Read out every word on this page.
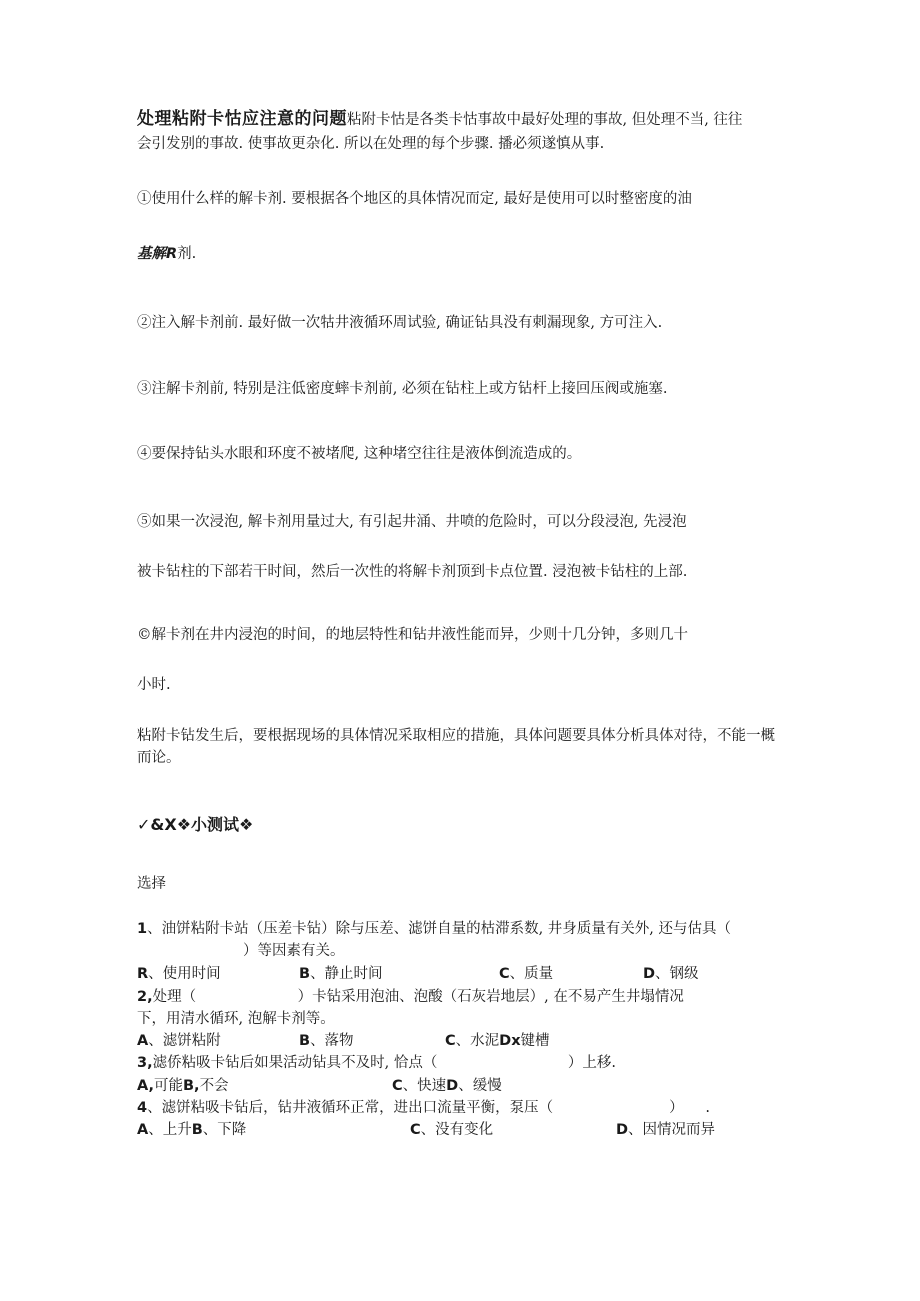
处理粘附卡怙应注意的问题粘附卡怙是各类卡怙事故中最好处理的事故, 但处理不当, 往往
会引发别的事故. 使事故更杂化. 所以在处理的每个步骤. 播必须遂慎从事.
①使用什么样的解卡剂. 要根据各个地区的具体情况而定, 最好是使用可以时整密度的油
基解R剂.
②注入解卡剂前. 最好做一次牯井液循环周试验, 确证钻具没有刺漏现象, 方可注入.
③注解卡剂前, 特别是注低密度蟀卡剂前, 必须在钻柱上或方钻杆上接回压阀或施塞.
④要保持钻头水眼和环度不被堵爬, 这种堵空往往是液体倒流造成的。
⑤如果一次浸泡, 解卡剂用量过大, 有引起井涌、井喷的危险时，可以分段浸泡, 先浸泡
被卡钻柱的下部若干时间，然后一次性的将解卡剂顶到卡点位置. 浸泡被卡钻柱的上部.
©解卡剂在井内浸泡的时间，的地层特性和钻井液性能而异，少则十几分钟，多则几十
小时.
粘附卡钻发生后，要根据现场的具体情况采取相应的措施，具体问题要具体分析具体对待，不能一概而论。
✓&X❖小测试❖
选择
1、油饼粘附卡站（压差卡钻）除与压差、滤饼自量的枯滞系数, 井身质量有关外, 还与估具（
）等因素有关。
R、使用时间	B、静止时间	C、质量	D、钢级
2,处理（　　　　　　　）卡钻采用泡油、泡酸（石灰岩地层）, 在不易产生井塌情况
下，用清水循环, 泡解卡剂等。
A、滤饼粘附	B、落物	C、水泥Dx键槽
3,滤侨粘吸卡钻后如果活动钻具不及时, 恰点（　　　　　　　　　）上移.
A,可能B,不会	C、快速D、缓慢
4、滤饼粘吸卡钻后，钻井液循环正常，进出口流量平衡，泵压（　　　　　　　　）　　.
A、上升B、下降	C、没有变化	D、因情况而异
